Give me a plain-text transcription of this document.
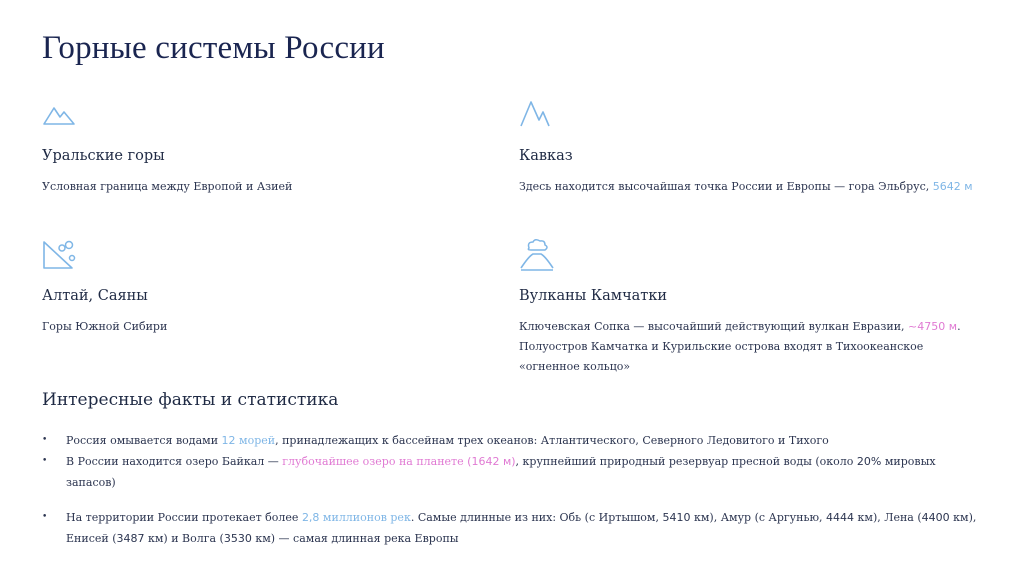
Горные системы России
Уральские горы
Условная граница между Европой и Азией
Кавказ
Здесь находится высочайшая точка России и Европы — гора Эльбрус, 5642 м
Алтай, Саяны
Горы Южной Сибири
Вулканы Камчатки
Ключевская Сопка — высочайший действующий вулкан Евразии, ~4750 м. Полуостров Камчатка и Курильские острова входят в Тихоокеанское «огненное кольцо»
Интересные факты и статистика
• Россия омывается водами 12 морей, принадлежащих к бассейнам трех океанов: Атлантического, Северного Ледовитого и Тихого
• В России находится озеро Байкал — глубочайшее озеро на планете (1642 м), крупнейший природный резервуар пресной воды (около 20% мировых запасов)
• На территории России протекает более 2,8 миллионов рек. Самые длинные из них: Обь (с Иртышом, 5410 км), Амур (с Аргунью, 4444 км), Лена (4400 км), Енисей (3487 км) и Волга (3530 км) — самая длинная река Европы
